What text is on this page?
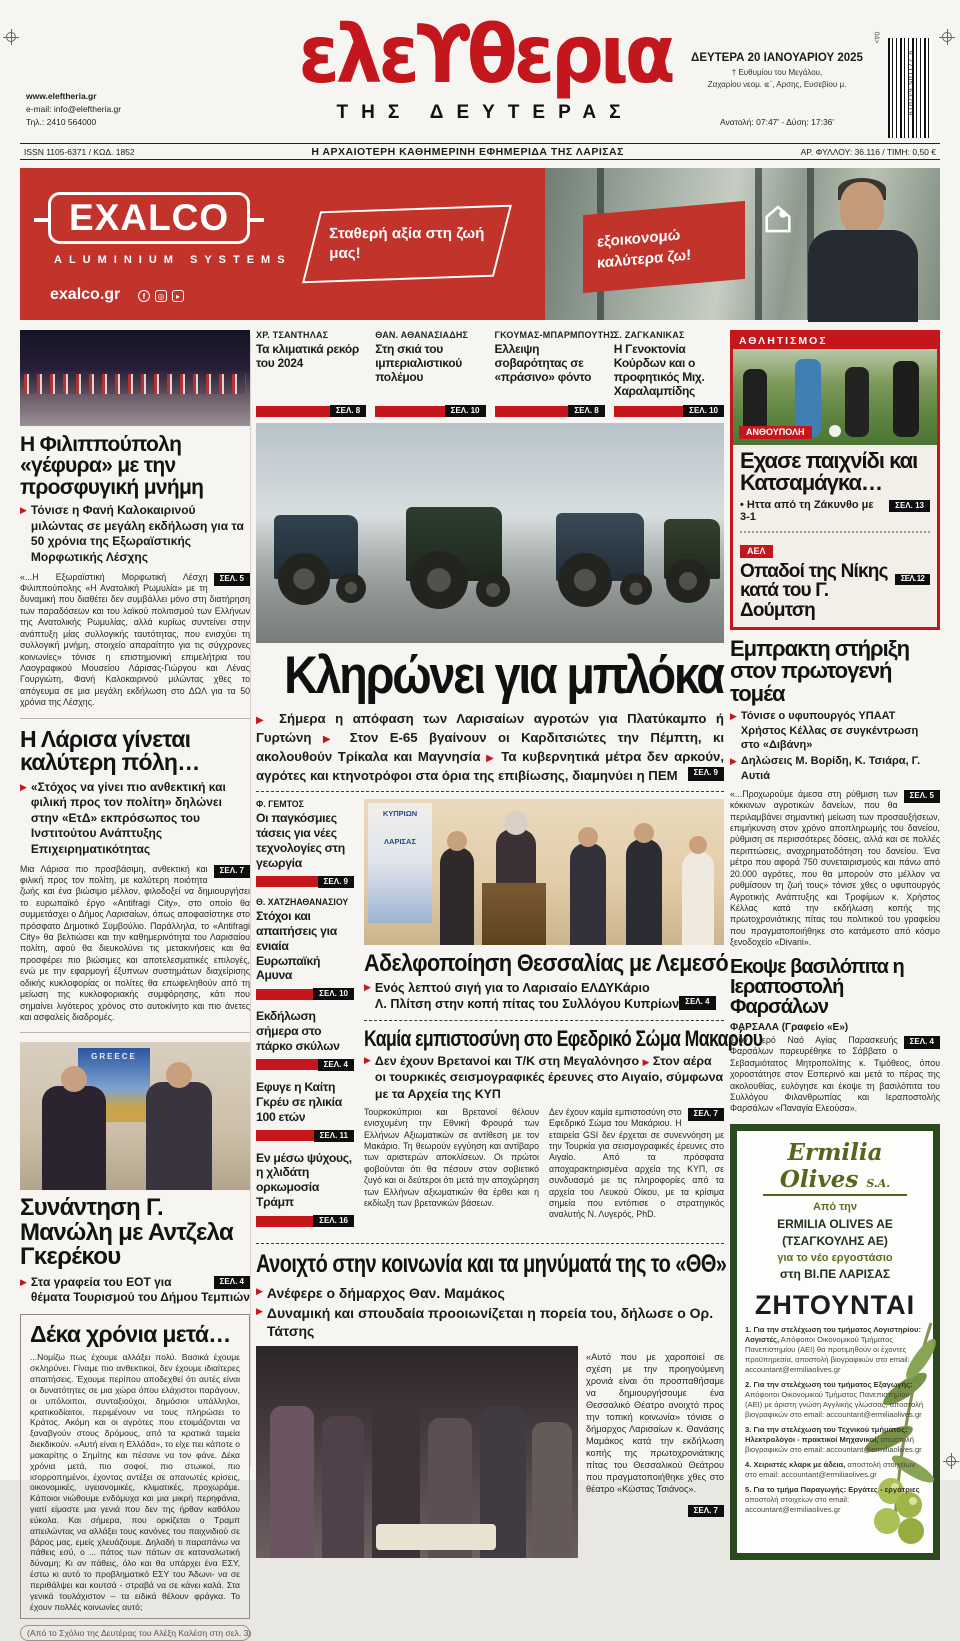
www.eleftheria.gr
e-mail: info@eleftheria.gr
Τηλ.: 2410 564000
ελεϒθερια
ΤΗΣ ΔΕΥΤΕΡΑΣ
ΔΕΥΤΕΡΑ 20 ΙΑΝΟΥΑΡΙΟΥ 2025
† Ευθυμίου του Μεγάλου,
Ζαχαρίου νεομ. ιε΄, Αρσης, Ευσεβίου μ.
Ανατολή: 07:47' - Δύση: 17:36'
9 771105 637019
04>
ISSN 1105-6371 / ΚΩΔ. 1852	Η ΑΡΧΑΙΟΤΕΡΗ ΚΑΘΗΜΕΡΙΝΗ ΕΦΗΜΕΡΙΔΑ ΤΗΣ ΛΑΡΙΣΑΣ	ΑΡ. ΦΥΛΛΟΥ: 36.116 / ΤΙΜΗ: 0,50 €
EXALCO
ALUMINIUM SYSTEMS
Σταθερή αξία στη ζωή μας!
exalco.gr	f	◎	▸
εξοικονομώ
καλύτερα ζω!
Η Φιλιππούπολη «γέφυρα» με την προσφυγική μνήμη
▶ Τόνισε η Φανή Καλοκαιρινού μιλώντας σε μεγάλη εκδήλωση για τα 50 χρόνια της Εξωραϊστικής Μορφωτικής Λέσχης
ΣΕΛ. 5
«...Η Εξωραϊστική Μορφωτική Λέσχη Φιλιππούπολης «Η Ανατολική Ρωμυλία» με τη δυναμική που διαθέτει δεν συμβάλλει μόνο στη διατήρηση των παραδόσεων και του λαϊκού πολιτισμού των Ελλήνων της Ανατολικής Ρωμυλίας, αλλά κυρίως συντείνει στην ανάπτυξη μίας συλλογικής ταυτότητας, που ενισχύει τη συλλογική μνήμη, στοιχείο απαραίτητο για τις σύγχρονες κοινωνίες» τόνισε η επιστημονική επιμελήτρια του Λαογραφικού Μουσείου Λάρισας-Γιώργου και Λένας Γουργιώτη, Φανή Καλοκαιρινού μιλώντας χθες το απόγευμα σε μια μεγάλη εκδήλωση στο ΔΩΛ για τα 50 χρόνια της Λέσχης.
Η Λάρισα γίνεται καλύτερη πόλη…
▶ «Στόχος να γίνει πιο ανθεκτική και φιλική προς τον πολίτη» δηλώνει στην «ΕτΔ» εκπρόσωπος του Ινστιτούτου Ανάπτυξης Επιχειρηματικότητας
ΣΕΛ. 7
Μια Λάρισα πιο προσβάσιμη, ανθεκτική και φιλική προς τον πολίτη, με καλύτερη ποιότητα ζωής και ένα βιώσιμο μέλλον, φιλοδοξεί να δημιουργήσει το ευρωπαϊκό έργο «Antifragi City», στο οποίο θα συμμετάσχει ο Δήμος Λαρισαίων, όπως αποφασίστηκε στο πρόσφατο Δημοτικό Συμβούλιο. Παράλληλα, το «Antifragi City» θα βελτιώσει και την καθημερινότητα του Λαρισαίου πολίτη, αφού θα διευκολύνει τις μετακινήσεις και θα προσφέρει πιο βιώσιμες και αποτελεσματικές επιλογές, ενώ με την εφαρμογή έξυπνων συστημάτων διαχείρισης οδικής κυκλοφορίας οι πολίτες θα επωφεληθούν από τη μείωση της κυκλοφοριακής συμφόρησης, κάτι που σημαίνει λιγότερος χρόνος στο αυτοκίνητο και πιο άνετες και ασφαλείς διαδρομές.
GREECE
Συνάντηση Γ. Μανώλη με Αντζελα Γκερέκου
▶	ΣΕΛ. 4
Στα γραφεία του ΕΟΤ για θέματα Τουρισμού του Δήμου Τεμπιών
Δέκα χρόνια μετά…
...Νομίζω πως έχουμε αλλάξει πολύ. Βασικά έχουμε σκληρύνει. Γίναμε πιο ανθεκτικοί, δεν έχουμε ιδιαίτερες απαιτήσεις. Έχουμε περίπου αποδεχθεί ότι αυτές είναι οι δυνατότητες σε μια χώρα όπου ελάχιστοι παράγουν, οι υπόλοιποι, συνταξιούχοι, δημόσιοι υπάλληλοι, κρατικοδίαιτοι, περιμένουν να τους πληρώσει το Κράτος. Ακόμη και οι αγρότες που ετοιμάζονται να ξαναβγούν στους δρόμους, από τα κρατικά ταμεία διεκδικούν. «Αυτή είναι η Ελλάδα», το είχε πει κάποτε ο μακαρίτης ο Σημίτης και πέσανε να τον φάνε. Δέκα χρόνια μετά, πιο σοφοί, πιο στωικοί, πιο ισορροπημένοι, έχοντας αντέξει σε απανωτές κρίσεις, οικονομικές, υγειονομικές, κλιματικές, προχωράμε. Κάποιοι νιώθουμε ενδόμυχα και μια μικρή περηφάνια, γιατί είμαστε μια γενιά που δεν της ήρθαν καθόλου εύκολα. Και σήμερα, που ορκίζεται ο Τραμπ απειλώντας να αλλάξει τους κανόνες του παιχνιδιού σε βάρος μας, εμείς χλευάζουμε. Δηλαδή τι παραπάνω να πάθεις εσύ, ο ... πάτος των πάτων σε καταναλωτική δύναμη; Κι αν πάθεις, όλο και θα υπάρχει ένα ΕΣΥ, έστω κι αυτό το προβληματικό ΕΣΥ του Άδωνι- να σε περιθάλψει και κουτσά - στραβά να σε κάνει καλά. Στα γενικά τουλάχιστον – τα ειδικά θέλουν φράγκα. Το έχουν πολλές κοινωνίες αυτό;
(Από το Σχόλιο της Δευτέρας του Αλέξη Καλέση στη σελ. 3)
ΧΡ. ΤΣΑΝΤΗΛΑΣ
Τα κλιματικά ρεκόρ του 2024
ΣΕΛ. 8
ΘΑΝ. ΑΘΑΝΑΣΙΑΔΗΣ
Στη σκιά του ιμπεριαλιστικού πολέμου
ΣΕΛ. 10
ΓΚΟΥΜΑΣ-ΜΠΑΡΜΠΟΥΤΗΣ
Ελλειψη σοβαρότητας σε «πράσινο» φόντο
ΣΕΛ. 8
Σ. ΖΑΓΚΑΝΙΚΑΣ
Η Γενοκτονία Κούρδων και ο προφητικός Μιχ. Χαραλαμπίδης
ΣΕΛ. 10
Κληρώνει για μπλόκα
▶ Σήμερα η απόφαση των Λαρισαίων αγροτών για Πλατύκαμπο ή Γυρτώνη ▶ Στον Ε-65 βγαίνουν οι Καρδιτσιώτες την Πέμπτη, κι ακολουθούν Τρίκαλα και Μαγνησία ▶ Τα κυβερνητικά μέτρα δεν αρκούν, αγρότες και κτηνοτρόφοι στα όρια της επιβίωσης, διαμηνύει η ΠΕΜ	ΣΕΛ. 9
Φ. ΓΕΜΤΟΣ
Οι παγκόσμιες τάσεις για νέες τεχνολογίες στη γεωργία
ΣΕΛ. 9
Θ. ΧΑΤΖΗΑΘΑΝΑΣΙΟΥ
Στόχοι και απαιτήσεις για ενιαία Ευρωπαϊκή Αμυνα
ΣΕΛ. 10
Εκδήλωση σήμερα στο πάρκο σκύλων
ΣΕΛ. 4
Εφυγε η Καίτη Γκρέυ σε ηλικία 100 ετών
ΣΕΛ. 11
Εν μέσω ψύχους, η χλιδάτη ορκωμοσία Τράμπ
ΣΕΛ. 16
ΚΥΠΡΙΩΝ

ΛΑΡΙΣΑΣ
Αδελφοποίηση Θεσσαλίας με Λεμεσό
▶ Ενός λεπτού σιγή για το Λαρισαίο ΕΛΔΥΚάριο
Λ. Πλίτση στην κοπή πίτας του Συλλόγου Κυπρίων ΣΕΛ. 4
Καμία εμπιστοσύνη στο Εφεδρικό Σώμα Μακαρίου
▶ Δεν έχουν Βρετανοί και Τ/Κ στη Μεγαλόνησο ▶ Στον αέρα οι τουρκικές σεισμογραφικές έρευνες στο Αιγαίο, σύμφωνα με τα Αρχεία της ΚΥΠ
Τουρκοκύπριοι και Βρετανοί θέλουν ενισχυμένη την Εθνική Φρουρά των Ελλήνων Αξιωματικών σε αντίθεση με τον Μακάριο. Τη θεωρούν εγγύηση και αντίβαρο των αριστερών αποκλίσεων. Οι πρώτοι φοβούνται ότι θα πέσουν στον σοβιετικό ζυγό και οι δεύτεροι ότι μετά την αποχώρηση των Ελλήνων αξιωματικών θα έρθει και η εκδίωξη των βρετανικών βάσεων.
ΣΕΛ. 7
Δεν έχουν καμία εμπιστοσύνη στο Εφεδρικό Σώμα του Μακάριου. Η εταιρεία GSI δεν έρχεται σε συνεννόηση με την Τουρκία για σεισμογραφικές έρευνες στο Αιγαίο. Από τα πρόσφατα αποχαρακτηρισμένα αρχεία της ΚΥΠ, σε συνδυασμό με τις πληροφορίες από τα αρχεία του Λευκού Οίκου, με τα κρίσιμα σημεία που εντόπισε ο στρατηγικός αναλυτής Ν. Λυγερός, PhD.
Ανοιχτό στην κοινωνία και τα μηνύματά της το «ΘΘ»
▶ Ανέφερε ο δήμαρχος Θαν. Μαμάκος
▶ Δυναμική και σπουδαία προοιωνίζεται η πορεία του, δήλωσε ο Ορ. Τάτσης
«Αυτό που με χαροποιεί σε σχέση με την προηγούμενη χρονιά είναι ότι προσπαθήσαμε να δημιουργήσουμε ένα Θεσσαλικό Θέατρο ανοιχτό προς την τοπική κοινωνία» τόνισε ο δήμαρχος Λαρισαίων κ. Θανάσης Μαμάκος κατά την εκδήλωση κοπής της πρωτοχρονιάτικης πίτας του Θεσσαλικού Θεάτρου που πραγματοποιήθηκε χθες στο θέατρο «Κώστας Τσιάνος».
ΣΕΛ. 7
ΑΘΛΗΤΙΣΜΟΣ
ΑΝΘΟΥΠΟΛΗ
Εχασε παιχνίδι και Κατσαμάγκα…
ΣΕΛ. 13
• Ηττα από τη Ζάκυνθο με 3-1
ΑΕΛ
ΣΕΛ. 12
Οπαδοί της Νίκης κατά του Γ. Δούμτση
Εμπρακτη στήριξη στον πρωτογενή τομέα
▶ Τόνισε ο υφυπουργός ΥΠΑΑΤ Χρήστος Κέλλας σε συγκέντρωση στο «Διβάνη»
▶ Δηλώσεις Μ. Βορίδη, Κ. Τσιάρα, Γ. Αυτιά
ΣΕΛ. 5
«...Προχωρούμε άμεσα στη ρύθμιση των κόκκινων αγροτικών δανείων, που θα περιλαμβάνει σημαντική μείωση των προσαυξήσεων, επιμήκυνση στον χρόνο αποπληρωμής του δανείου, ρύθμιση σε περισσότερες δόσεις, αλλά και σε πολλές περιπτώσεις, αναχρηματοδότηση του δανείου. Ένα μέτρο που αφορά 750 συνεταιρισμούς και πάνω από 20.000 αγρότες, που θα μπορούν στο μέλλον να ρυθμίσουν τη ζωή τους» τόνισε χθες ο υφυπουργός Αγροτικής Ανάπτυξης και Τροφίμων κ. Χρήστος Κέλλας κατά την εκδήλωση κοπής της πρωτοχρονιάτικης πίτας του πολιτικού του γραφείου που πραγματοποιήθηκε στο κατάμεστο από κόσμο ξενοδοχείο «Divani».
Εκοψε βασιλόπιτα η Ιεραποστολή Φαρσάλων
ΦΑΡΣΑΛΑ (Γραφείο «Ε»)
ΣΕΛ. 4
Στον Ιερό Ναό Αγίας Παρασκευής Φαρσάλων παρευρέθηκε το Σάββατο ο Σεβασμιότατος Μητροπολίτης κ. Τιμόθεος, όπου χοροστάτησε στον Εσπερινό και μετά το πέρας της ακολουθίας, ευλόγησε και έκοψε τη βασιλόπιτα του Συλλόγου Φιλανθρωπίας και Ιεραποστολής Φαρσάλων «Παναγία Ελεούσα».
Ermilia Olives S.A.
Από την
ERMILIA OLIVES AE
(ΤΣΑΓΚΟΥΛΗΣ ΑΕ)
για το νέο εργοστάσιο
στη ΒΙ.ΠΕ ΛΑΡΙΣΑΣ
ΖΗΤΟΥΝΤΑΙ
1. Για την στελέχωση του τμήματος Λογιστηρίου: Λογιστές, Απόφοιτοι Οικονομικού Τμήματος Πανεπιστημίου (ΑΕΙ) θα προτιμηθούν οι έχοντες προϋπηρεσία, αποστολή βιογραφικών στο email: accountant@ermiliaolives.gr
2. Για την στελέχωση του τμήματος Εξαγωγής: Απόφοιτοι Οικονομικού Τμήματος Πανεπιστημίου (ΑΕΙ) με άριστη γνώση Αγγλικής γλώσσας, αποστολή βιογραφικών στο email: accountant@ermiliaolives.gr
3. Για την στελέχωση του Τεχνικού τμήματος: Ηλεκτρολόγοι - πρακτικοί Μηχανικοί, αποστολή βιογραφικών στο email: accountant@ermiliaolives.gr
4. Χειριστές κλαρκ με άδεια, αποστολή στοιχείων στο email: accountant@ermiliaolives.gr
5. Για το τμήμα Παραγωγής: Εργάτες - εργάτριες αποστολή στοιχείων στο email: accountant@ermiliaolives.gr
